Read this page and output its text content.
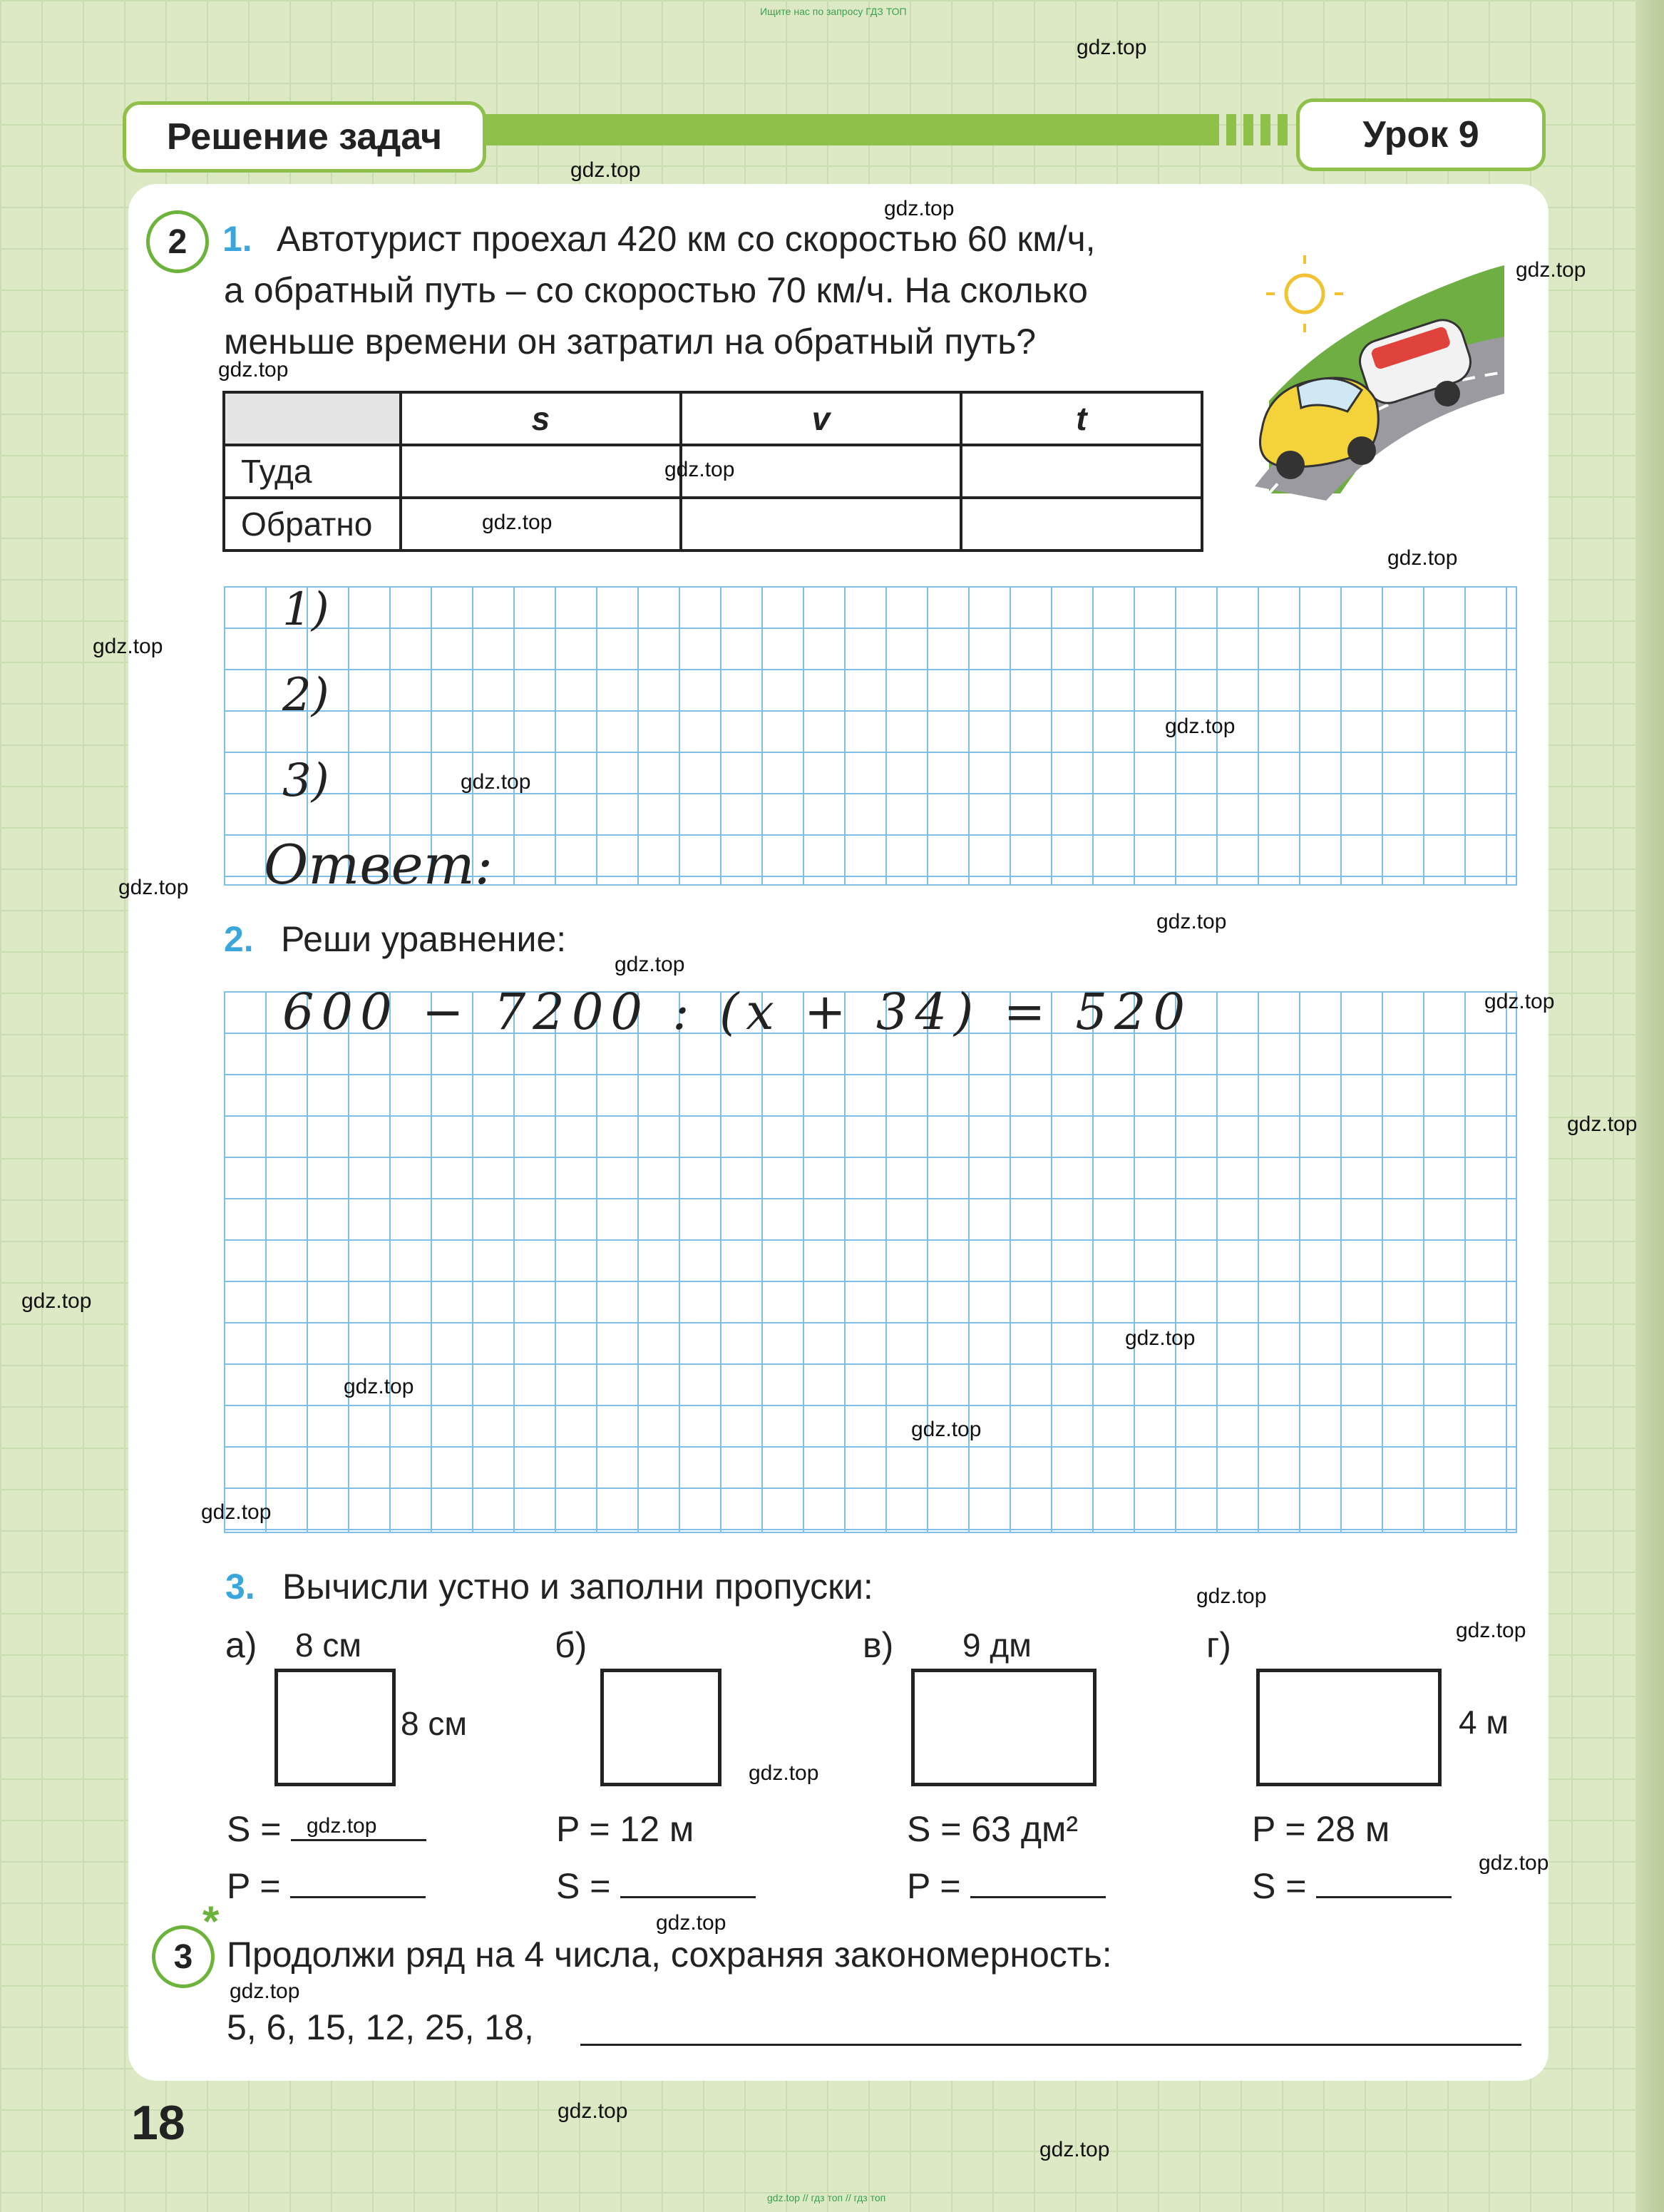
Ищите нас по запросу ГДЗ ТОП
Решение задач	Урок 9
2 1. Автотурист проехал 420 км со скоростью 60 км/ч,
а обратный путь – со скоростью 70 км/ч. На сколько
меньше времени он затратил на обратный путь?
	s	v	t
Туда			
Обратно			
1)
2)
3)
Ответ:
2. Реши уравнение:
600 − 7200 : (x + 34) = 520
3. Вычисли устно и заполни пропуски:
а) 8 см
8 см
S =
P =
б)
P = 12 м
S =
в) 9 дм
S = 63 дм²
P =
г)
4 м
P = 28 м
S =
3
*
Продолжи ряд на 4 числа, сохраняя закономерность:
5, 6, 15, 12, 25, 18,
18
gdz.top
gdz.top
gdz.top
gdz.top
gdz.top
gdz.top
gdz.top
gdz.top
gdz.top
gdz.top
gdz.top
gdz.top
gdz.top
gdz.top
gdz.top
gdz.top
gdz.top
gdz.top
gdz.top
gdz.top
gdz.top
gdz.top
gdz.top
gdz.top
gdz.top
gdz.top
gdz.top
gdz.top
gdz.top
gdz.top
gdz.top // гдз топ // гдз топ
